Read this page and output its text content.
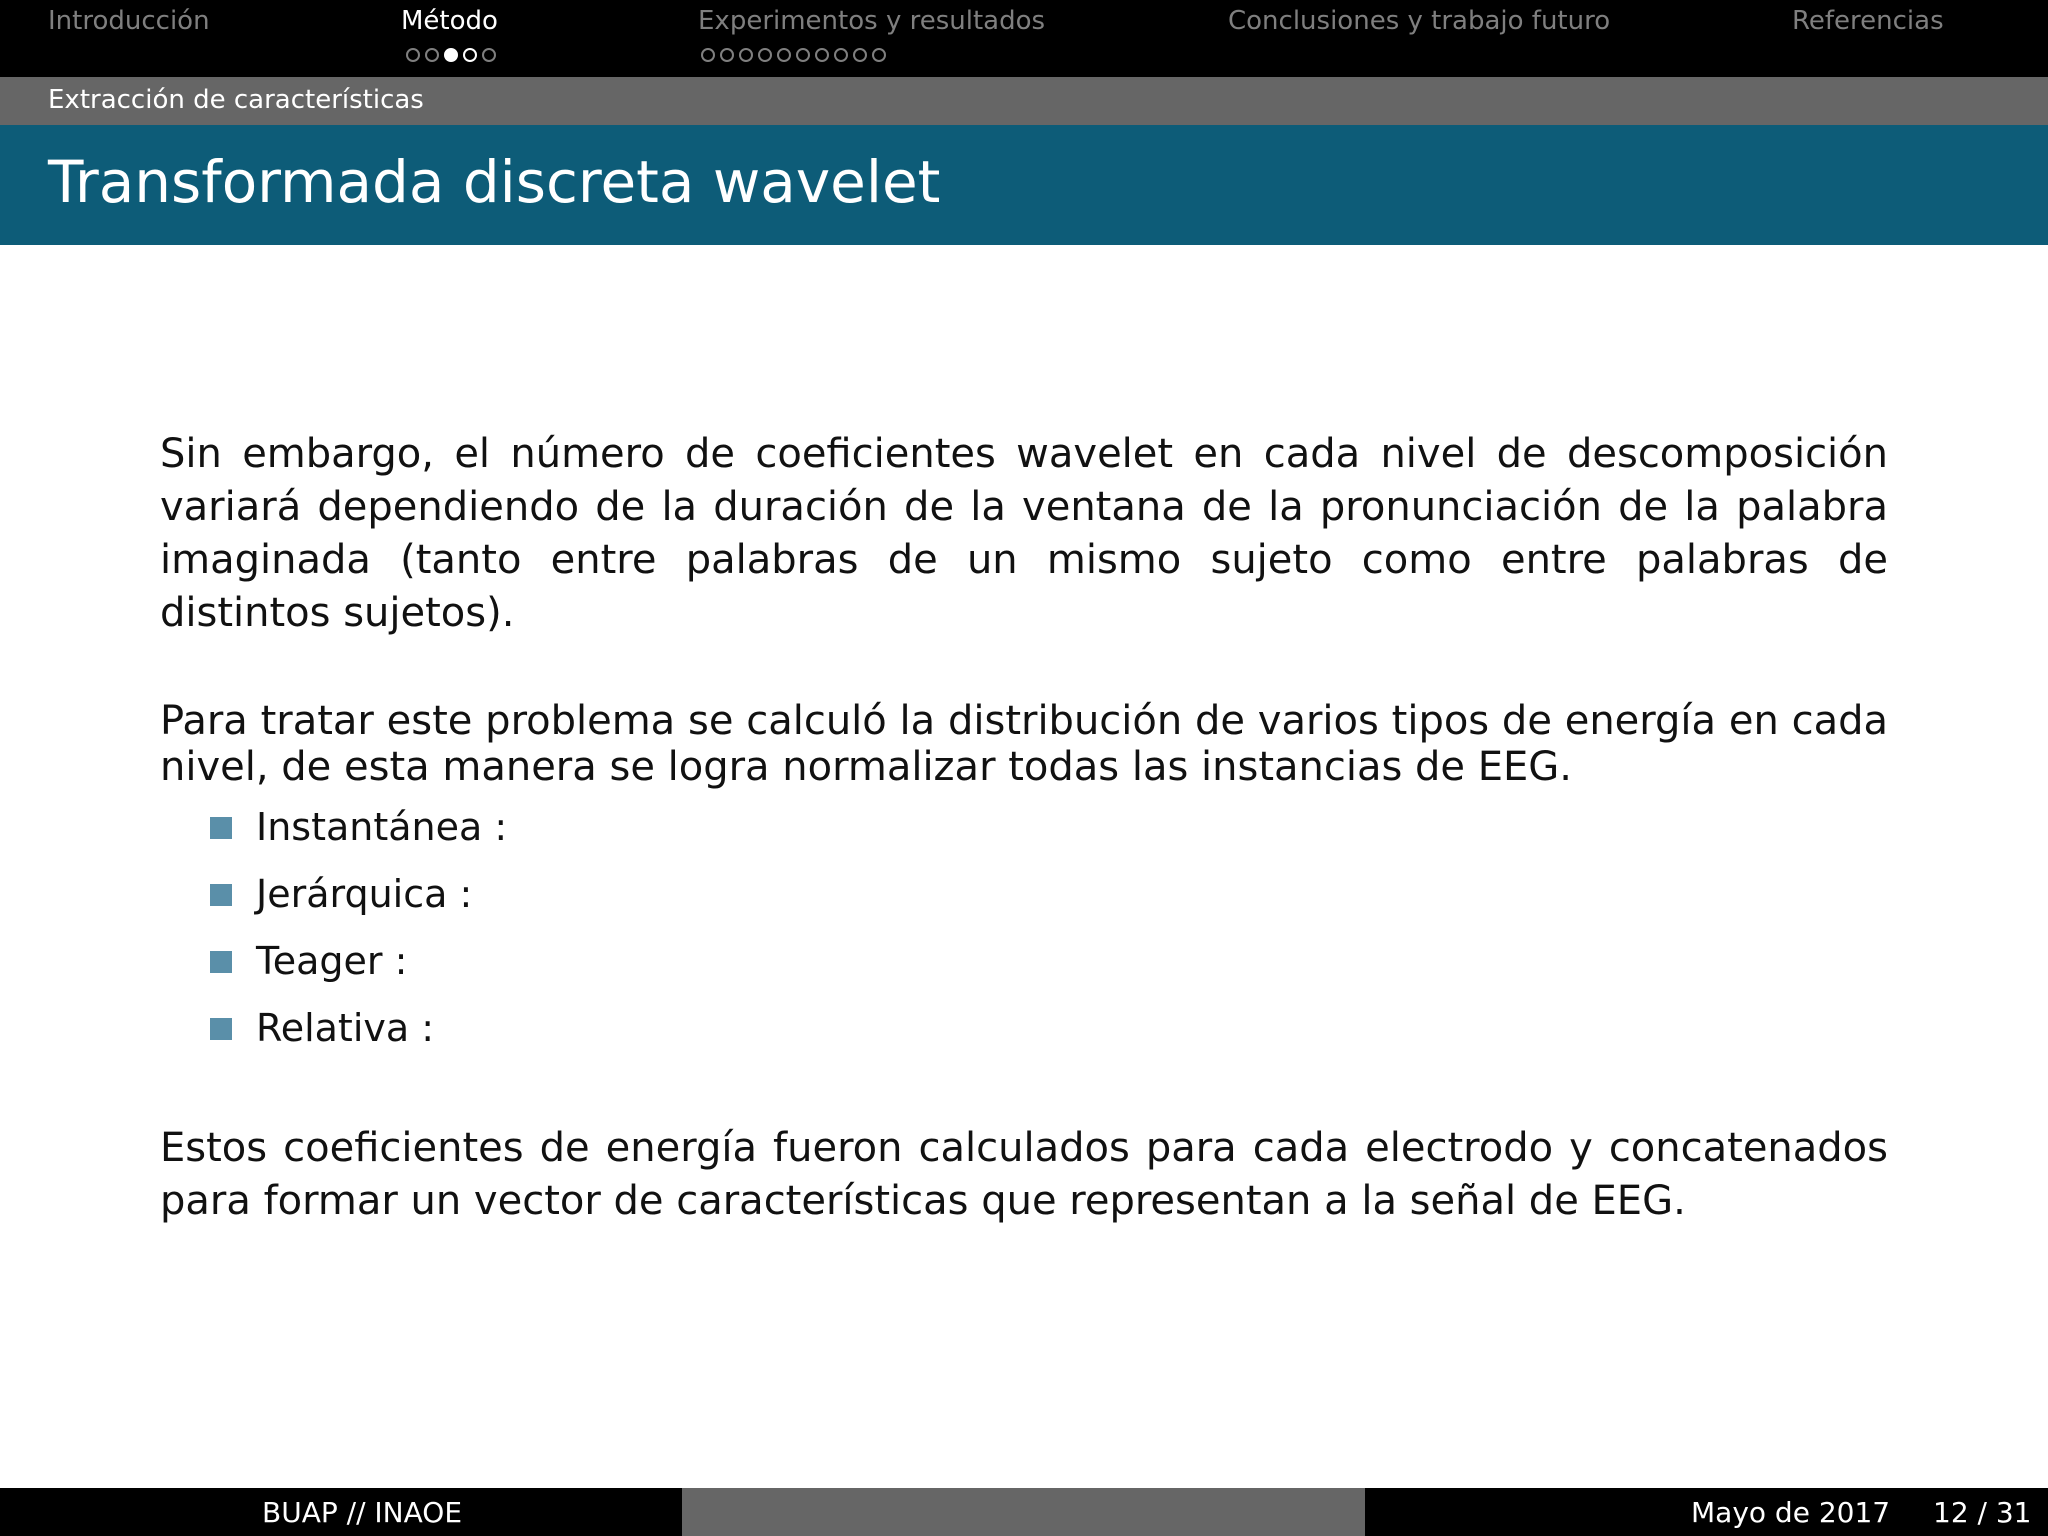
Introducción	Método	Experimentos y resultados	Conclusiones y trabajo futuro	Referencias
Extracción de características
Transformada discreta wavelet

Sin embargo, el número de coeficientes wavelet en cada nivel de descomposición variará dependiendo de la duración de la ventana de la pronunciación de la palabra imaginada (tanto entre palabras de un mismo sujeto como entre palabras de distintos sujetos).

Para tratar este problema se calculó la distribución de varios tipos de energía en cada nivel, de esta manera se logra normalizar todas las instancias de EEG.

Instantánea :
Jerárquica :
Teager :
Relativa :

Estos coeficientes de energía fueron calculados para cada electrodo y concatenados para formar un vector de características que representan a la señal de EEG.

BUAP // INAOE	Mayo de 2017 12 / 31
